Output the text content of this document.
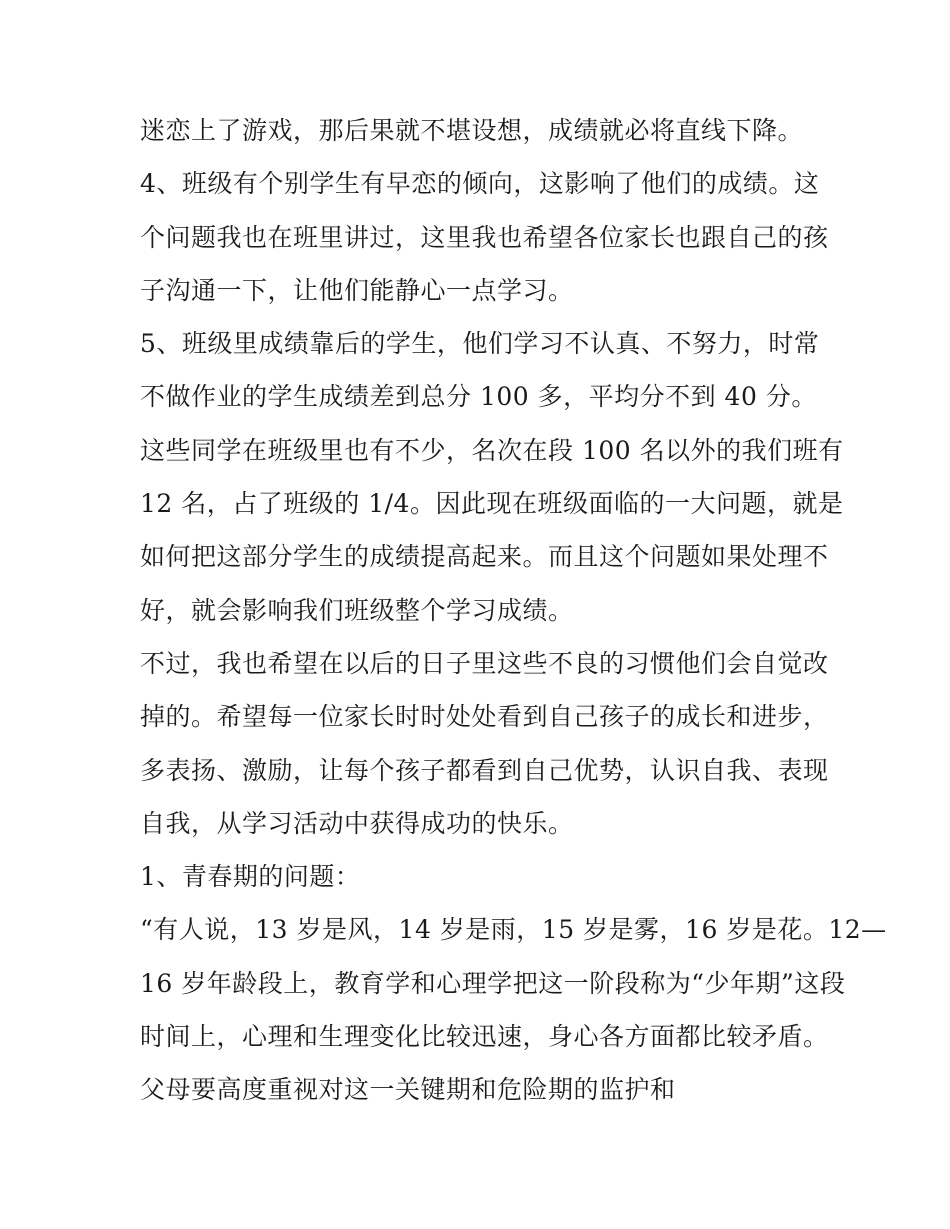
迷恋上了游戏，那后果就不堪设想，成绩就必将直线下降。
4、班级有个别学生有早恋的倾向，这影响了他们的成绩。这
个问题我也在班里讲过，这里我也希望各位家长也跟自己的孩
子沟通一下，让他们能静心一点学习。
5、班级里成绩靠后的学生，他们学习不认真、不努力，时常
不做作业的学生成绩差到总分 100 多，平均分不到 40 分。
这些同学在班级里也有不少，名次在段 100 名以外的我们班有
12 名，占了班级的 1/4。因此现在班级面临的一大问题，就是
如何把这部分学生的成绩提高起来。而且这个问题如果处理不
好，就会影响我们班级整个学习成绩。
不过，我也希望在以后的日子里这些不良的习惯他们会自觉改
掉的。希望每一位家长时时处处看到自己孩子的成长和进步，
多表扬、激励，让每个孩子都看到自己优势，认识自我、表现
自我，从学习活动中获得成功的快乐。
1、青春期的问题：
“有人说，13 岁是风，14 岁是雨，15 岁是雾，16 岁是花。12—
16 岁年龄段上，教育学和心理学把这一阶段称为“少年期”这段
时间上，心理和生理变化比较迅速，身心各方面都比较矛盾。
父母要高度重视对这一关键期和危险期的监护和
